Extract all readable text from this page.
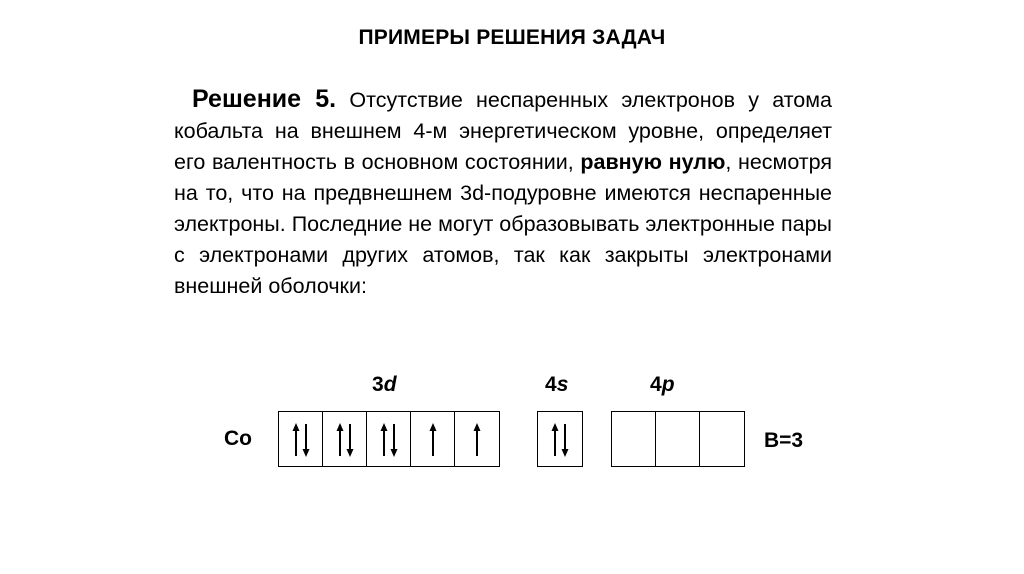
ПРИМЕРЫ РЕШЕНИЯ ЗАДАЧ
Решение 5. Отсутствие неспаренных электронов у атома кобальта на внешнем 4-м энергетическом уровне, определяет его валентность в основном состоянии, равную нулю, несмотря на то, что на предвнешнем 3d-подуровне имеются неспаренные электроны. Последние не могут образовывать электронные пары с электронами других атомов, так как закрыты электронами внешней оболочки:
3d	4s	4p
Co	B=3
